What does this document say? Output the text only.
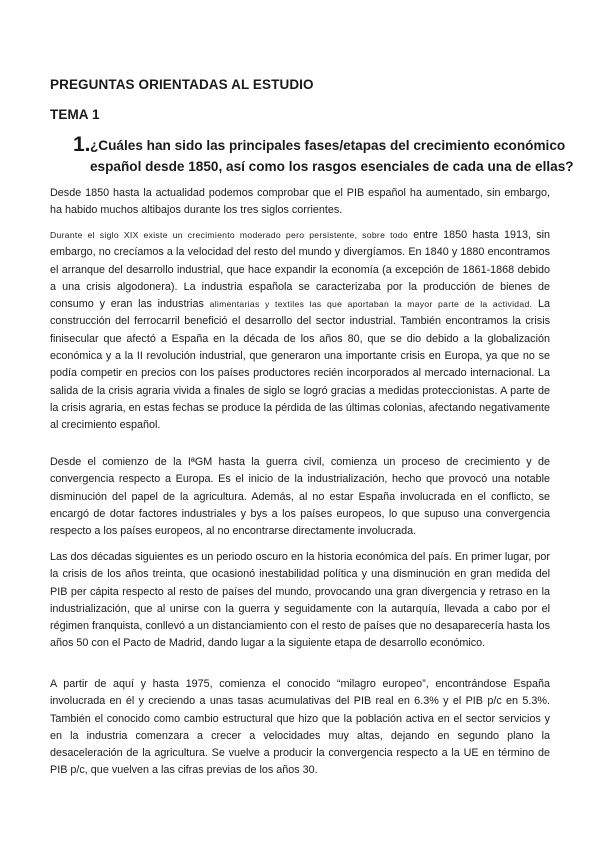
PREGUNTAS ORIENTADAS AL ESTUDIO
TEMA 1
1. ¿Cuáles han sido las principales fases/etapas del crecimiento económico
español desde 1850, así como los rasgos esenciales de cada una de ellas?

Desde 1850 hasta la actualidad podemos comprobar que el PIB español ha aumentado, sin embargo, ha habido muchos altibajos durante los tres siglos corrientes.

Durante el siglo XIX existe un crecimiento moderado pero persistente, sobre todo entre 1850 hasta 1913, sin embargo, no crecíamos a la velocidad del resto del mundo y divergíamos. En 1840 y 1880 encontramos el arranque del desarrollo industrial, que hace expandir la economía (a excepción de 1861-1868 debido a una crisis algodonera). La industria española se caracterizaba por la producción de bienes de consumo y eran las industrias alimentarias y textiles las que aportaban la mayor parte de la actividad. La construcción del ferrocarril benefició el desarrollo del sector industrial. También encontramos la crisis finisecular que afectó a España en la década de los años 80, que se dio debido a la globalización económica y a la II revolución industrial, que generaron una importante crisis en Europa, ya que no se podía competir en precios con los países productores recién incorporados al mercado internacional. La salida de la crisis agraria vivida a finales de siglo se logró gracias a medidas proteccionistas. A parte de la crisis agraria, en estas fechas se produce la pérdida de las últimas colonias, afectando negativamente al crecimiento español.

Desde el comienzo de la IªGM hasta la guerra civil, comienza un proceso de crecimiento y de convergencia respecto a Europa. Es el inicio de la industrialización, hecho que provocó una notable disminución del papel de la agricultura. Además, al no estar España involucrada en el conflicto, se encargó de dotar factores industriales y bys a los países europeos, lo que supuso una convergencia respecto a los países europeos, al no encontrarse directamente involucrada.

Las dos décadas siguientes es un periodo oscuro en la historia económica del país. En primer lugar, por la crisis de los años treinta, que ocasionó inestabilidad política y una disminución en gran medida del PIB per cápita respecto al resto de países del mundo, provocando una gran divergencia y retraso en la industrialización, que al unirse con la guerra y seguidamente con la autarquía, llevada a cabo por el régimen franquista, conllevó a un distanciamiento con el resto de países que no desaparecería hasta los años 50 con el Pacto de Madrid, dando lugar a la siguiente etapa de desarrollo económico.

A partir de aquí y hasta 1975, comienza el conocido “milagro europeo”, encontrándose España involucrada en él y creciendo a unas tasas acumulativas del PIB real en 6.3% y el PIB p/c en 5.3%. También el conocido como cambio estructural que hizo que la población activa en el sector servicios y en la industria comenzara a crecer a velocidades muy altas, dejando en segundo plano la desaceleración de la agricultura. Se vuelve a producir la convergencia respecto a la UE en término de PIB p/c, que vuelven a las cifras previas de los años 30.
